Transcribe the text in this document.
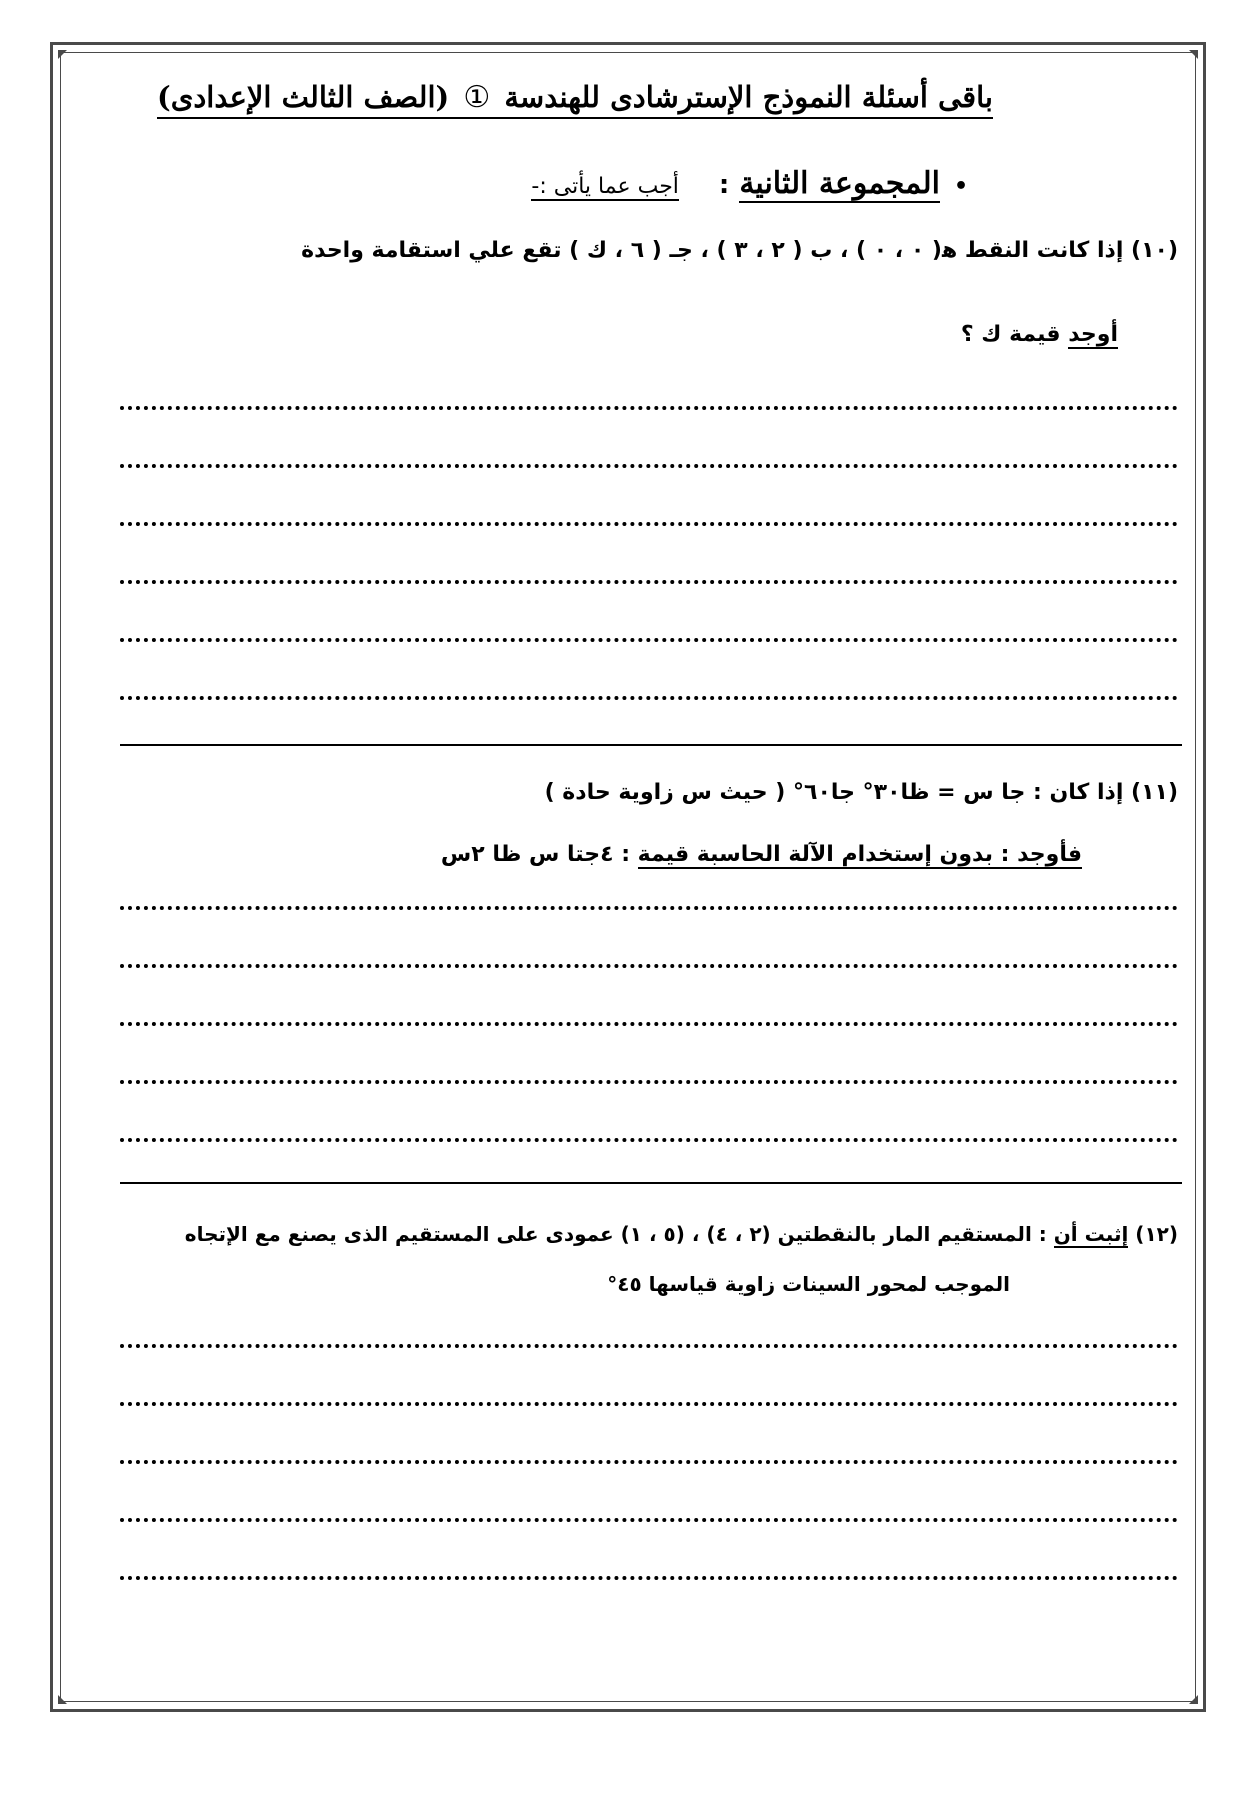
باقى أسئلة النموذج الإسترشادى للهندسة ① (الصف الثالث الإعدادى)
•المجموعة الثانية:أجب عما يأتى :-
(١٠) إذا كانت النقط ﻫ( ٠ ، ٠ ) ، ب ( ٢ ، ٣ ) ، جـ ( ٦ ، ك ) تقع علي استقامة واحدة
أوجد قيمة ك ؟
(١١) إذا كان : جا س = ظا٣٠° جا٦٠° ( حيث س زاوية حادة )
فأوجد : بدون إستخدام الآلة الحاسبة قيمة : ٤جتا س ظا ٢س
(١٢) إثبت أن : المستقيم المار بالنقطتين (٢ ، ٤) ، (٥ ، ١) عمودى على المستقيم الذى يصنع مع الإتجاه
الموجب لمحور السينات زاوية قياسها ٤٥°
